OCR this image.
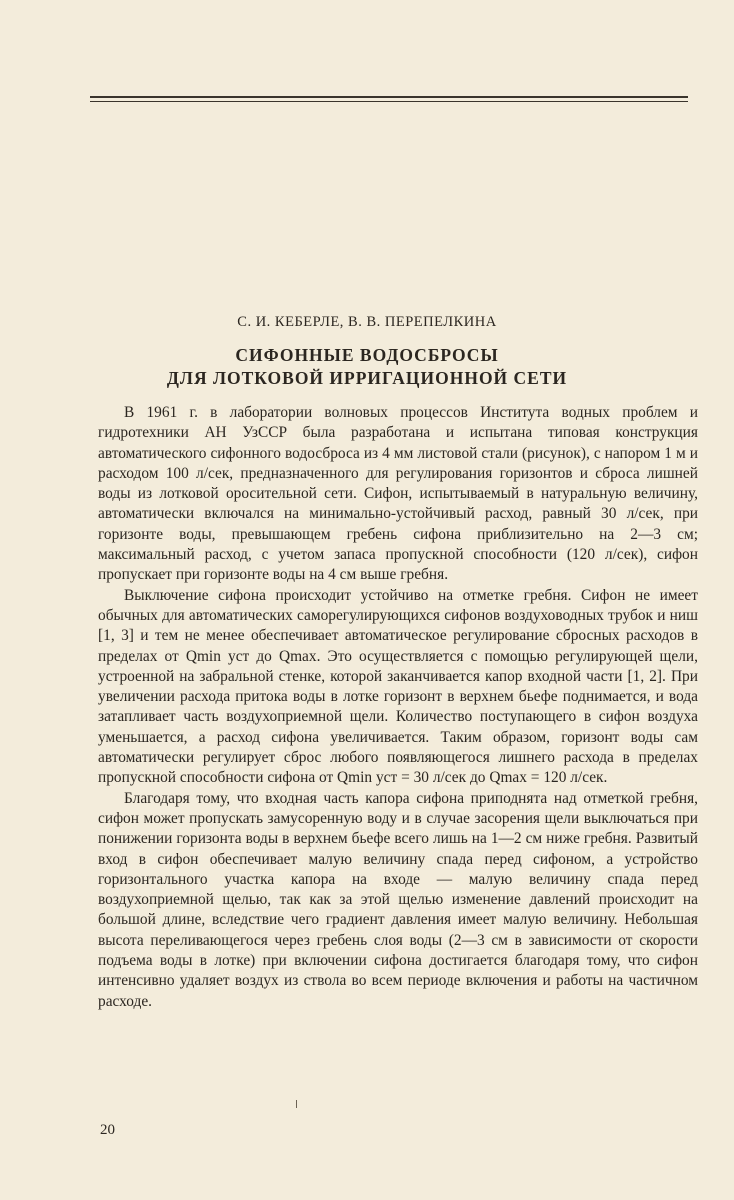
С. И. КЕБЕРЛЕ, В. В. ПЕРЕПЕЛКИНА
СИФОННЫЕ ВОДОСБРОСЫ
ДЛЯ ЛОТКОВОЙ ИРРИГАЦИОННОЙ СЕТИ

В 1961 г. в лаборатории волновых процессов Института водных проблем и гидротехники АН УзССР была разработана и испытана типовая конструкция автоматического сифонного водосброса из 4 мм листовой стали (рисунок), с напором 1 м и расходом 100 л/сек, предназначенного для регулирования горизонтов и сброса лишней воды из лотковой оросительной сети. Сифон, испытываемый в натуральную величину, автоматически включался на минимально-устойчивый расход, равный 30 л/сек, при горизонте воды, превышающем гребень сифона приблизительно на 2—3 см; максимальный расход, с учетом запаса пропускной способности (120 л/сек), сифон пропускает при горизонте воды на 4 см выше гребня.

Выключение сифона происходит устойчиво на отметке гребня. Сифон не имеет обычных для автоматических саморегулирующихся сифонов воздуховодных трубок и ниш [1, 3] и тем не менее обеспечивает автоматическое регулирование сбросных расходов в пределах от Qmin уст до Qmax. Это осуществляется с помощью регулирующей щели, устроенной на забральной стенке, которой заканчивается капор входной части [1, 2]. При увеличении расхода притока воды в лотке горизонт в верхнем бьефе поднимается, и вода затапливает часть воздухоприемной щели. Количество поступающего в сифон воздуха уменьшается, а расход сифона увеличивается. Таким образом, горизонт воды сам автоматически регулирует сброс любого появляющегося лишнего расхода в пределах пропускной способности сифона от Qmin уст = 30 л/сек до Qmax = 120 л/сек.

Благодаря тому, что входная часть капора сифона приподнята над отметкой гребня, сифон может пропускать замусоренную воду и в случае засорения щели выключаться при понижении горизонта воды в верхнем бьефе всего лишь на 1—2 см ниже гребня. Развитый вход в сифон обеспечивает малую величину спада перед сифоном, а устройство горизонтального участка капора на входе — малую величину спада перед воздухоприемной щелью, так как за этой щелью изменение давлений происходит на большой длине, вследствие чего градиент давления имеет малую величину. Небольшая высота переливающегося через гребень слоя воды (2—3 см в зависимости от скорости подъема воды в лотке) при включении сифона достигается благодаря тому, что сифон интенсивно удаляет воздух из ствола во всем периоде включения и работы на частичном расходе.

20
